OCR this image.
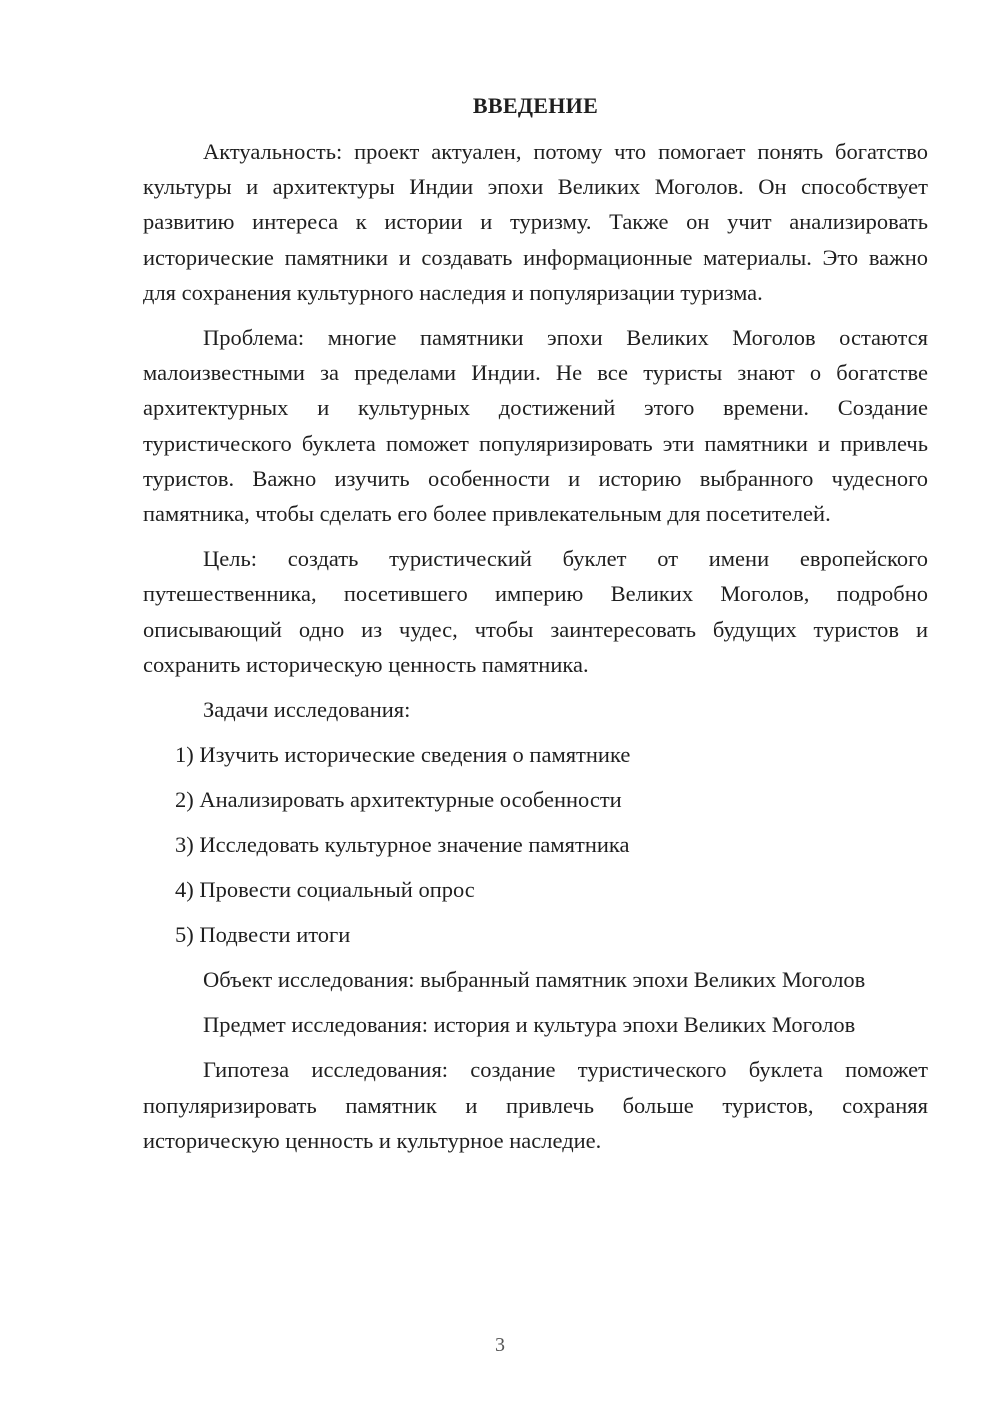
ВВЕДЕНИЕ

Актуальность: проект актуален, потому что помогает понять богатство культуры и архитектуры Индии эпохи Великих Моголов. Он способствует развитию интереса к истории и туризму. Также он учит анализировать исторические памятники и создавать информационные материалы. Это важно для сохранения культурного наследия и популяризации туризма.

Проблема: многие памятники эпохи Великих Моголов остаются малоизвестными за пределами Индии. Не все туристы знают о богатстве архитектурных и культурных достижений этого времени. Создание туристического буклета поможет популяризировать эти памятники и привлечь туристов. Важно изучить особенности и историю выбранного чудесного памятника, чтобы сделать его более привлекательным для посетителей.

Цель: создать туристический буклет от имени европейского путешественника, посетившего империю Великих Моголов, подробно описывающий одно из чудес, чтобы заинтересовать будущих туристов и сохранить историческую ценность памятника.

Задачи исследования:

1) Изучить исторические сведения о памятнике
2) Анализировать архитектурные особенности
3) Исследовать культурное значение памятника
4) Провести социальный опрос
5) Подвести итоги

Объект исследования: выбранный памятник эпохи Великих Моголов

Предмет исследования: история и культура эпохи Великих Моголов

Гипотеза исследования: создание туристического буклета поможет популяризировать памятник и привлечь больше туристов, сохраняя историческую ценность и культурное наследие.

3
